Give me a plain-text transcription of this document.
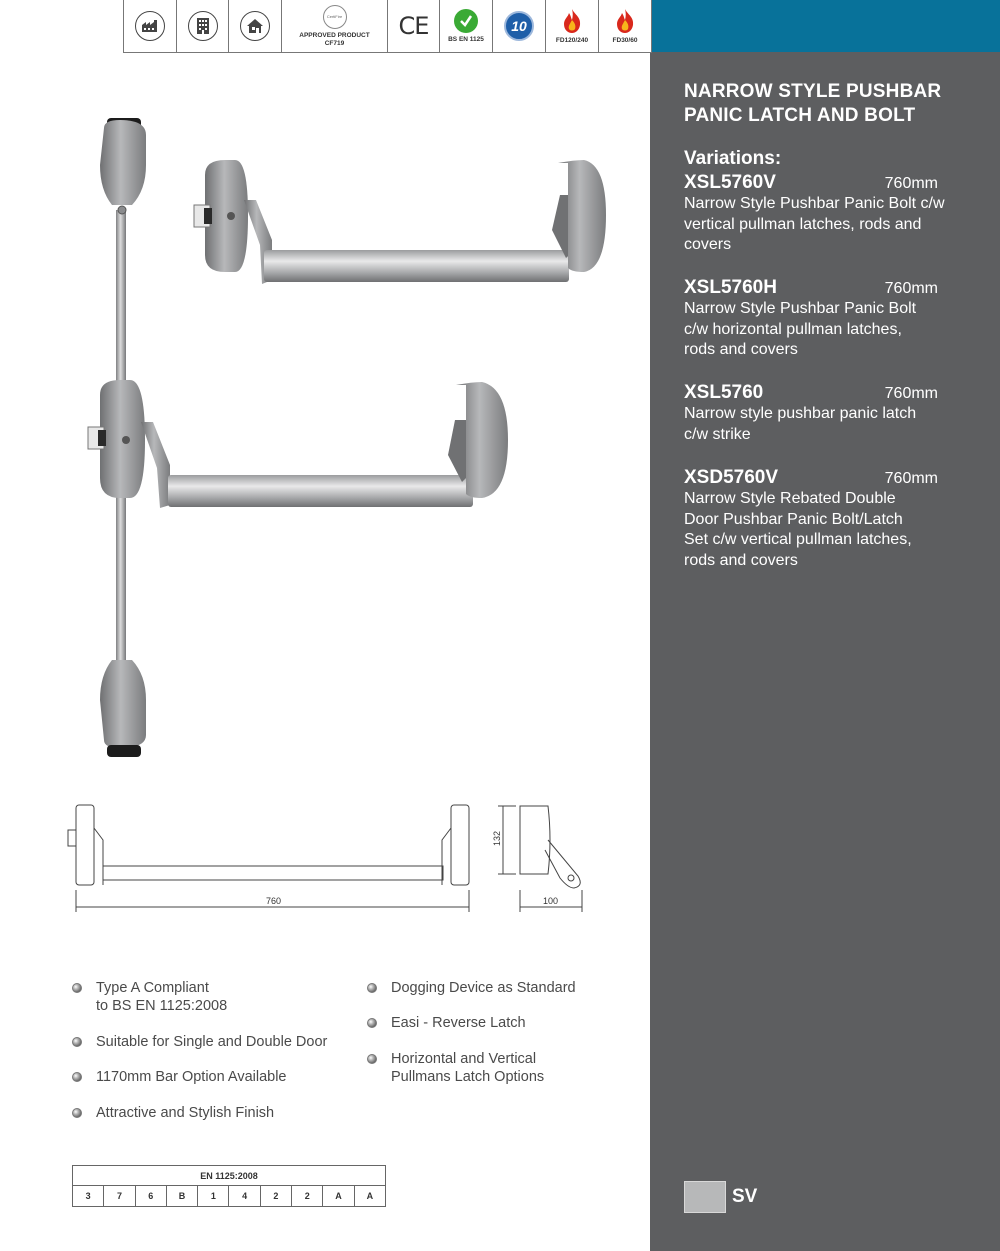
NARROW STYLE PUSHBAR
PANIC LATCH AND BOLT
Variations:
XSL5760V	760mm
Narrow Style Pushbar Panic Bolt c/w
vertical pullman latches, rods and
covers
XSL5760H	760mm
Narrow Style Pushbar Panic Bolt
c/w horizontal pullman latches,
rods and covers
XSL5760	760mm
Narrow style pushbar panic latch
c/w strike
XSD5760V	760mm
Narrow Style Rebated Double
Door Pushbar Panic Bolt/Latch
Set c/w vertical pullman latches,
rods and covers
SV
CertiFire
APPROVED PRODUCT
CF719
CE	BS EN 1125
10
FD120/240	FD30/60
760
132
100
Type A Compliant
to BS EN 1125:2008
Suitable for Single and Double Door
1170mm Bar Option Available
Attractive and Stylish Finish
Dogging Device as Standard
Easi - Reverse Latch
Horizontal and Vertical
Pullmans Latch Options
EN 1125:2008
3	7	6	B	1	4	2	2	A	A
